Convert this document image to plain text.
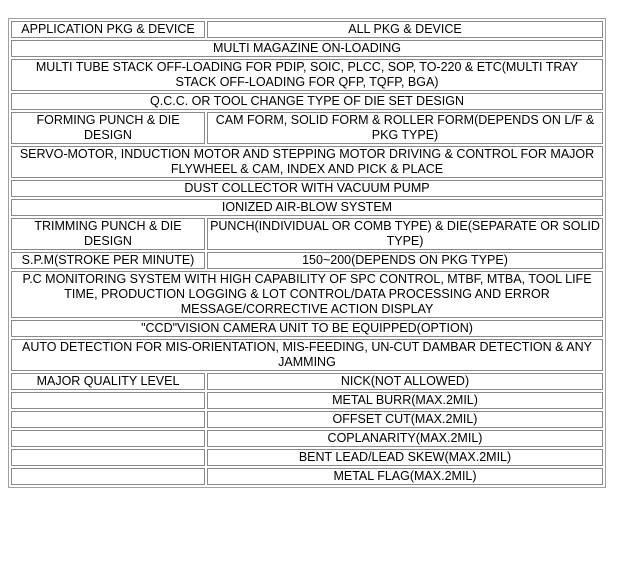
APPLICATION PKG & DEVICE	ALL PKG & DEVICE
MULTI MAGAZINE ON-LOADING	
MULTI TUBE STACK OFF-LOADING FOR PDIP, SOIC, PLCC, SOP, TO-220 & ETC(MULTI TRAY STACK OFF-LOADING FOR QFP, TQFP, BGA)	
Q.C.C. OR TOOL CHANGE TYPE OF DIE SET DESIGN	
FORMING PUNCH & DIE DESIGN	CAM FORM, SOLID FORM & ROLLER FORM(DEPENDS ON L/F & PKG TYPE)
SERVO-MOTOR, INDUCTION MOTOR AND STEPPING MOTOR DRIVING & CONTROL FOR MAJOR FLYWHEEL & CAM, INDEX AND PICK & PLACE	
DUST COLLECTOR WITH VACUUM PUMP	
IONIZED AIR-BLOW SYSTEM	
TRIMMING PUNCH & DIE DESIGN	PUNCH(INDIVIDUAL OR COMB TYPE) & DIE(SEPARATE OR SOLID TYPE)
S.P.M(STROKE PER MINUTE)	150~200(DEPENDS ON PKG TYPE)
P.C MONITORING SYSTEM WITH HIGH CAPABILITY OF SPC CONTROL, MTBF, MTBA, TOOL LIFE TIME, PRODUCTION LOGGING & LOT CONTROL/DATA PROCESSING AND ERROR MESSAGE/CORRECTIVE ACTION DISPLAY	
"CCD"VISION CAMERA UNIT TO BE EQUIPPED(OPTION)	
AUTO DETECTION FOR MIS-ORIENTATION, MIS-FEEDING, UN-CUT DAMBAR DETECTION & ANY JAMMING	
MAJOR QUALITY LEVEL	NICK(NOT ALLOWED)
	METAL BURR(MAX.2MIL)
	OFFSET CUT(MAX.2MIL)
	COPLANARITY(MAX.2MIL)
	BENT LEAD/LEAD SKEW(MAX.2MIL)
	METAL FLAG(MAX.2MIL)
